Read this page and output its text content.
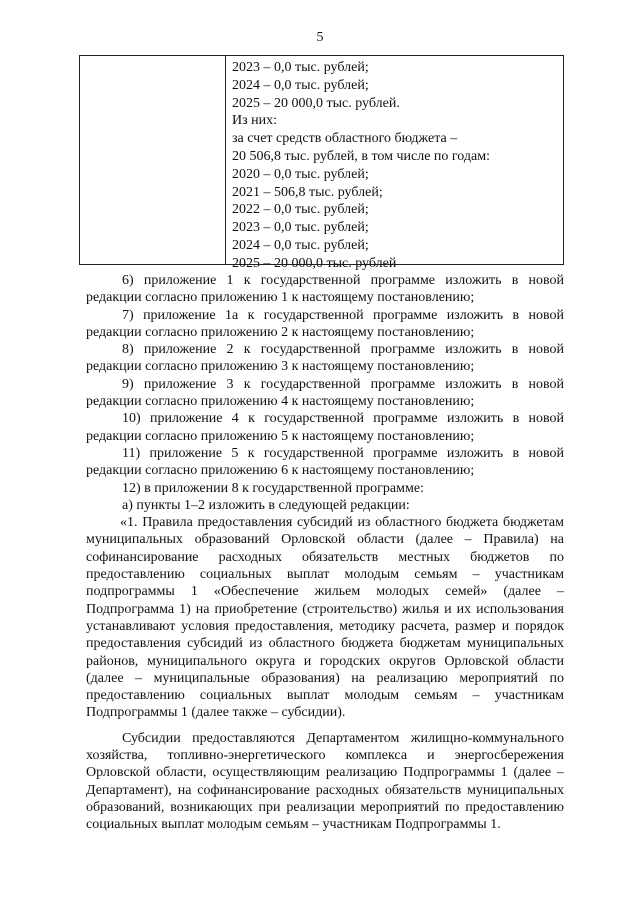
5
2023 – 0,0 тыс. рублей;
2024 – 0,0 тыс. рублей;
2025 – 20 000,0 тыс. рублей.
Из них:
за счет средств областного бюджета –
20 506,8 тыс. рублей, в том числе по годам:
2020 – 0,0 тыс. рублей;
2021 – 506,8 тыс. рублей;
2022 – 0,0 тыс. рублей;
2023 – 0,0 тыс. рублей;
2024 – 0,0 тыс. рублей;
2025 – 20 000,0 тыс. рублей

6) приложение 1 к государственной программе изложить в новой редакции согласно приложению 1 к настоящему постановлению;

7) приложение 1а к государственной программе изложить в новой редакции согласно приложению 2 к настоящему постановлению;

8) приложение 2 к государственной программе изложить в новой редакции согласно приложению 3 к настоящему постановлению;

9) приложение 3 к государственной программе изложить в новой редакции согласно приложению 4 к настоящему постановлению;

10) приложение 4 к государственной программе изложить в новой редакции согласно приложению 5 к настоящему постановлению;

11) приложение 5 к государственной программе изложить в новой редакции согласно приложению 6 к настоящему постановлению;

12) в приложении 8 к государственной программе:

а) пункты 1–2 изложить в следующей редакции:

«1. Правила предоставления субсидий из областного бюджета бюджетам муниципальных образований Орловской области (далее – Правила) на софинансирование расходных обязательств местных бюджетов по предоставлению социальных выплат молодым семьям – участникам подпрограммы 1 «Обеспечение жильем молодых семей» (далее – Подпрограмма 1) на приобретение (строительство) жилья и их использования устанавливают условия предоставления, методику расчета, размер и порядок предоставления субсидий из областного бюджета бюджетам муниципальных районов, муниципального округа и городских округов Орловской области (далее – муниципальные образования) на реализацию мероприятий по предоставлению социальных выплат молодым семьям – участникам Подпрограммы 1 (далее также – субсидии).

Субсидии предоставляются Департаментом жилищно-коммунального хозяйства, топливно-энергетического комплекса и энергосбережения Орловской области, осуществляющим реализацию Подпрограммы 1 (далее – Департамент), на софинансирование расходных обязательств муниципальных образований, возникающих при реализации мероприятий по предоставлению социальных выплат молодым семьям – участникам Подпрограммы 1.
